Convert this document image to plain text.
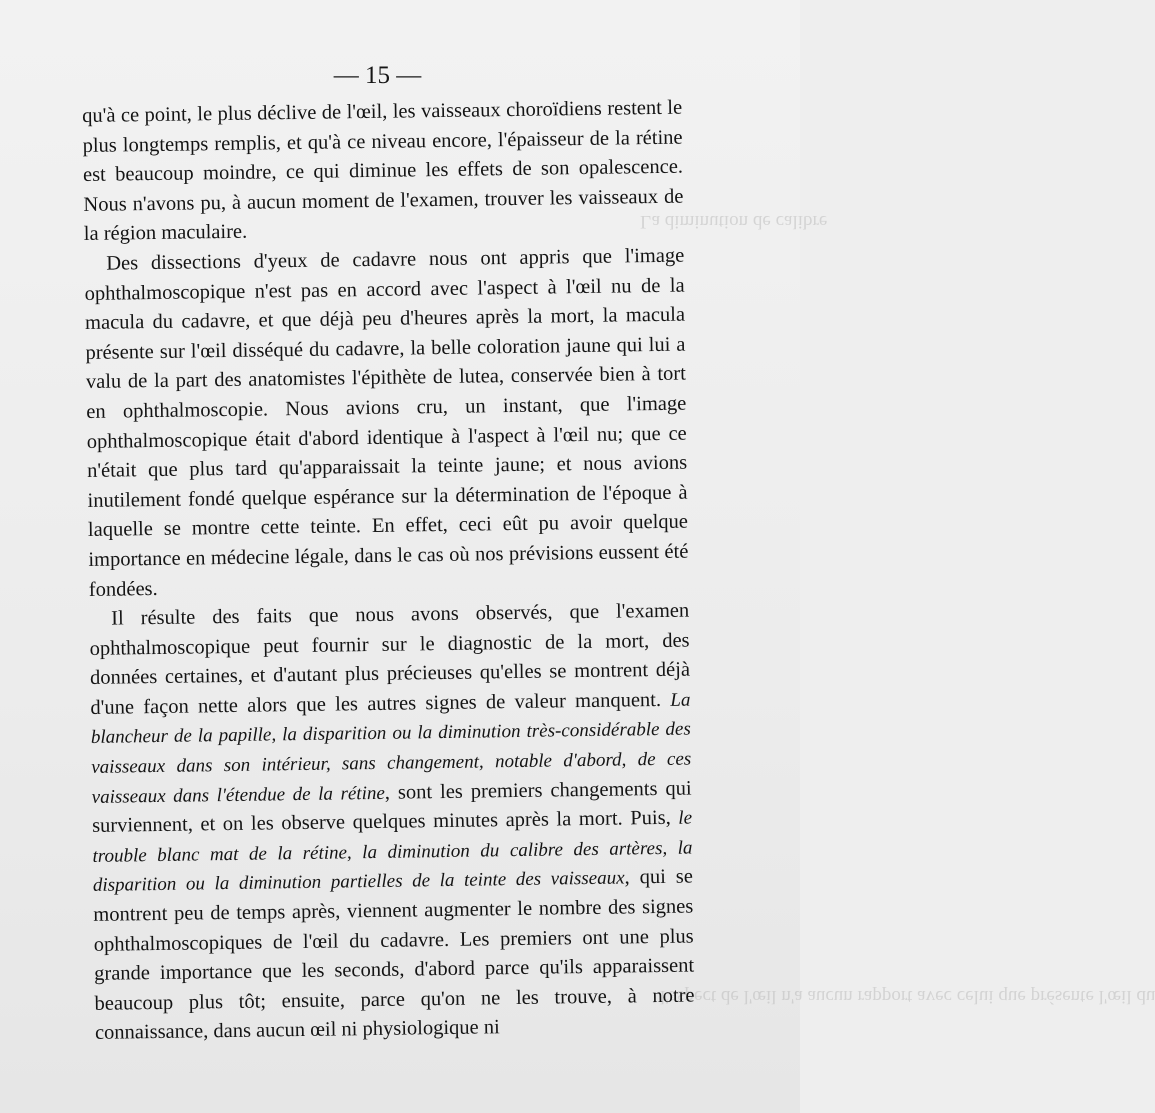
La diminution de calibre
l'aspect de l'œil n'a aucun rapport avec celui que présente l'œil du
— 15 —

qu'à ce point, le plus déclive de l'œil, les vaisseaux choroïdiens restent le plus longtemps remplis, et qu'à ce niveau encore, l'épaisseur de la rétine est beaucoup moindre, ce qui diminue les effets de son opalescence. Nous n'avons pu, à aucun moment de l'examen, trouver les vaisseaux de la région maculaire.

Des dissections d'yeux de cadavre nous ont appris que l'image ophthalmoscopique n'est pas en accord avec l'aspect à l'œil nu de la macula du cadavre, et que déjà peu d'heures après la mort, la macula présente sur l'œil disséqué du cadavre, la belle coloration jaune qui lui a valu de la part des anatomistes l'épithète de lutea, conservée bien à tort en ophthalmoscopie. Nous avions cru, un instant, que l'image ophthalmoscopique était d'abord identique à l'aspect à l'œil nu; que ce n'était que plus tard qu'apparaissait la teinte jaune; et nous avions inutilement fondé quelque espérance sur la détermination de l'époque à laquelle se montre cette teinte. En effet, ceci eût pu avoir quelque importance en médecine légale, dans le cas où nos prévisions eussent été fondées.

Il résulte des faits que nous avons observés, que l'examen ophthalmoscopique peut fournir sur le diagnostic de la mort, des données certaines, et d'autant plus précieuses qu'elles se montrent déjà d'une façon nette alors que les autres signes de valeur manquent. La blancheur de la papille, la disparition ou la diminution très-considérable des vaisseaux dans son intérieur, sans changement, notable d'abord, de ces vaisseaux dans l'étendue de la rétine, sont les premiers changements qui surviennent, et on les observe quelques minutes après la mort. Puis, le trouble blanc mat de la rétine, la diminution du calibre des artères, la disparition ou la diminution partielles de la teinte des vaisseaux, qui se montrent peu de temps après, viennent augmenter le nombre des signes ophthalmoscopiques de l'œil du cadavre. Les premiers ont une plus grande importance que les seconds, d'abord parce qu'ils apparaissent beaucoup plus tôt; ensuite, parce qu'on ne les trouve, à notre connaissance, dans aucun œil ni physiologique ni
